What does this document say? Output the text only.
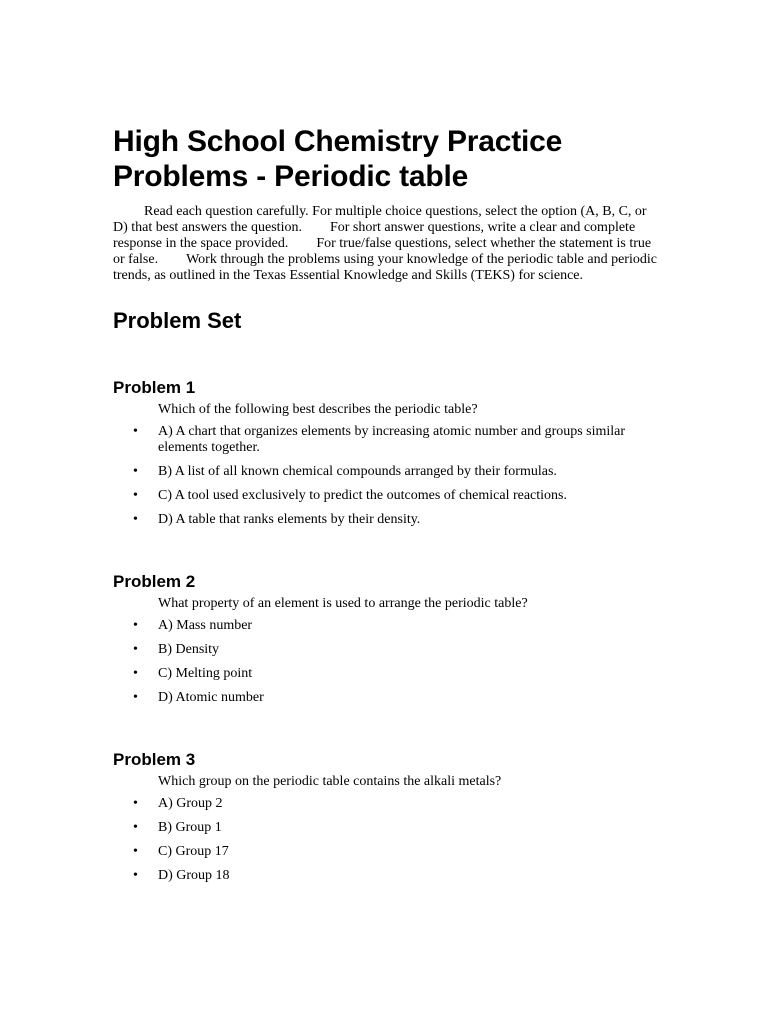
High School Chemistry Practice Problems - Periodic table

Read each question carefully. For multiple choice questions, select the option (A, B, C, or D) that best answers the question. For short answer questions, write a clear and complete response in the space provided. For true/false questions, select whether the statement is true or false. Work through the problems using your knowledge of the periodic table and periodic trends, as outlined in the Texas Essential Knowledge and Skills (TEKS) for science.

Problem Set
Problem 1

Which of the following best describes the periodic table?

• A) A chart that organizes elements by increasing atomic number and groups similar elements together.
• B) A list of all known chemical compounds arranged by their formulas.
• C) A tool used exclusively to predict the outcomes of chemical reactions.
• D) A table that ranks elements by their density.
Problem 2

What property of an element is used to arrange the periodic table?

• A) Mass number
• B) Density
• C) Melting point
• D) Atomic number
Problem 3

Which group on the periodic table contains the alkali metals?

• A) Group 2
• B) Group 1
• C) Group 17
• D) Group 18
